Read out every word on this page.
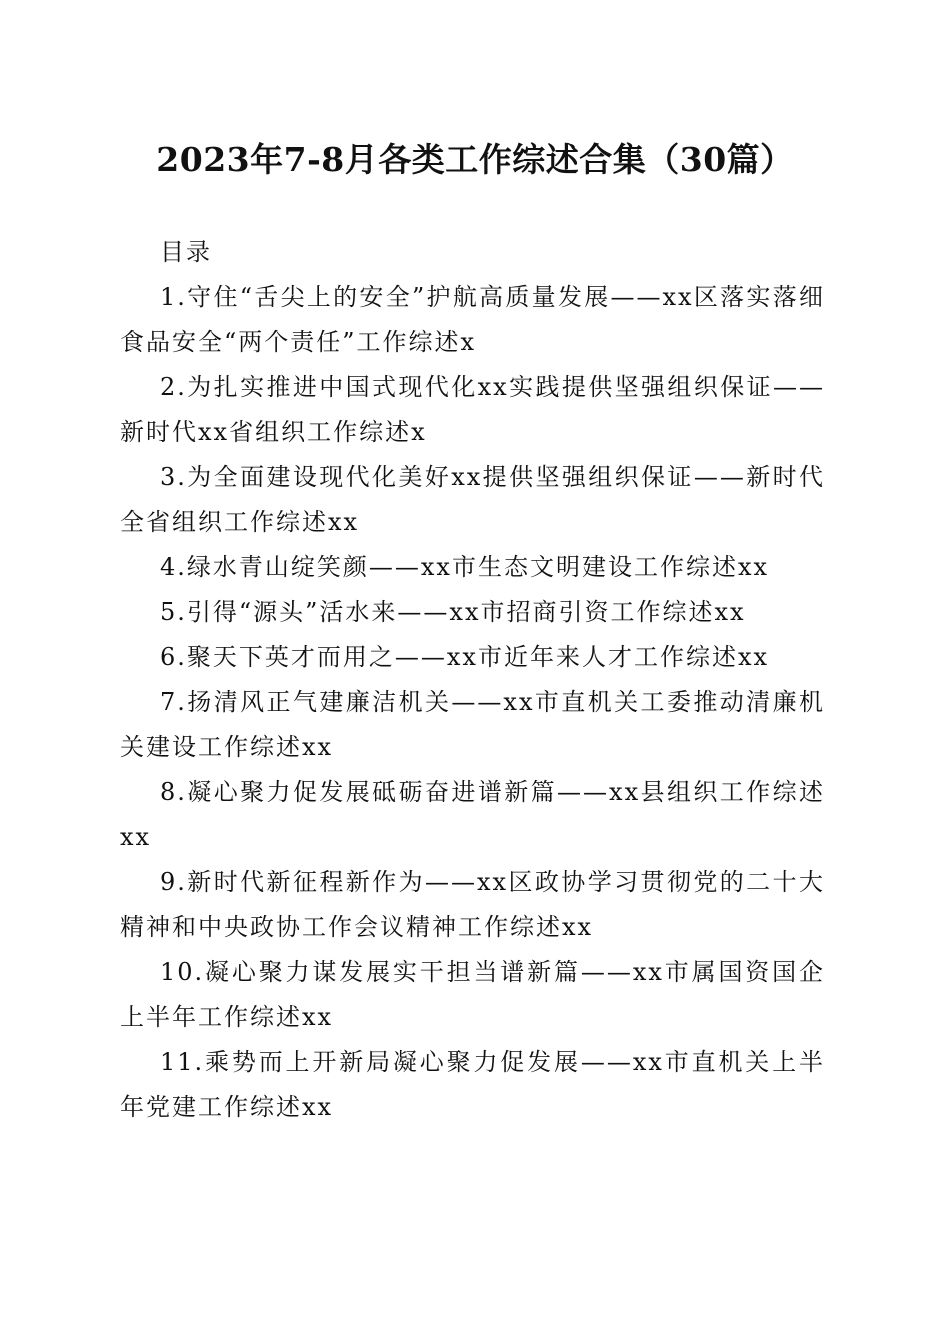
2023年7-8月各类工作综述合集（30篇）

目录

1.守住“舌尖上的安全”护航高质量发展——xx区落实落细食品安全“两个责任”工作综述x

2.为扎实推进中国式现代化xx实践提供坚强组织保证——新时代xx省组织工作综述x

3.为全面建设现代化美好xx提供坚强组织保证——新时代全省组织工作综述xx

4.绿水青山绽笑颜——xx市生态文明建设工作综述xx

5.引得“源头”活水来——xx市招商引资工作综述xx

6.聚天下英才而用之——xx市近年来人才工作综述xx

7.扬清风正气建廉洁机关——xx市直机关工委推动清廉机关建设工作综述xx

8.凝心聚力促发展砥砺奋进谱新篇——xx县组织工作综述xx

9.新时代新征程新作为——xx区政协学习贯彻党的二十大精神和中央政协工作会议精神工作综述xx

10.凝心聚力谋发展实干担当谱新篇——xx市属国资国企上半年工作综述xx

11.乘势而上开新局凝心聚力促发展——xx市直机关上半年党建工作综述xx
